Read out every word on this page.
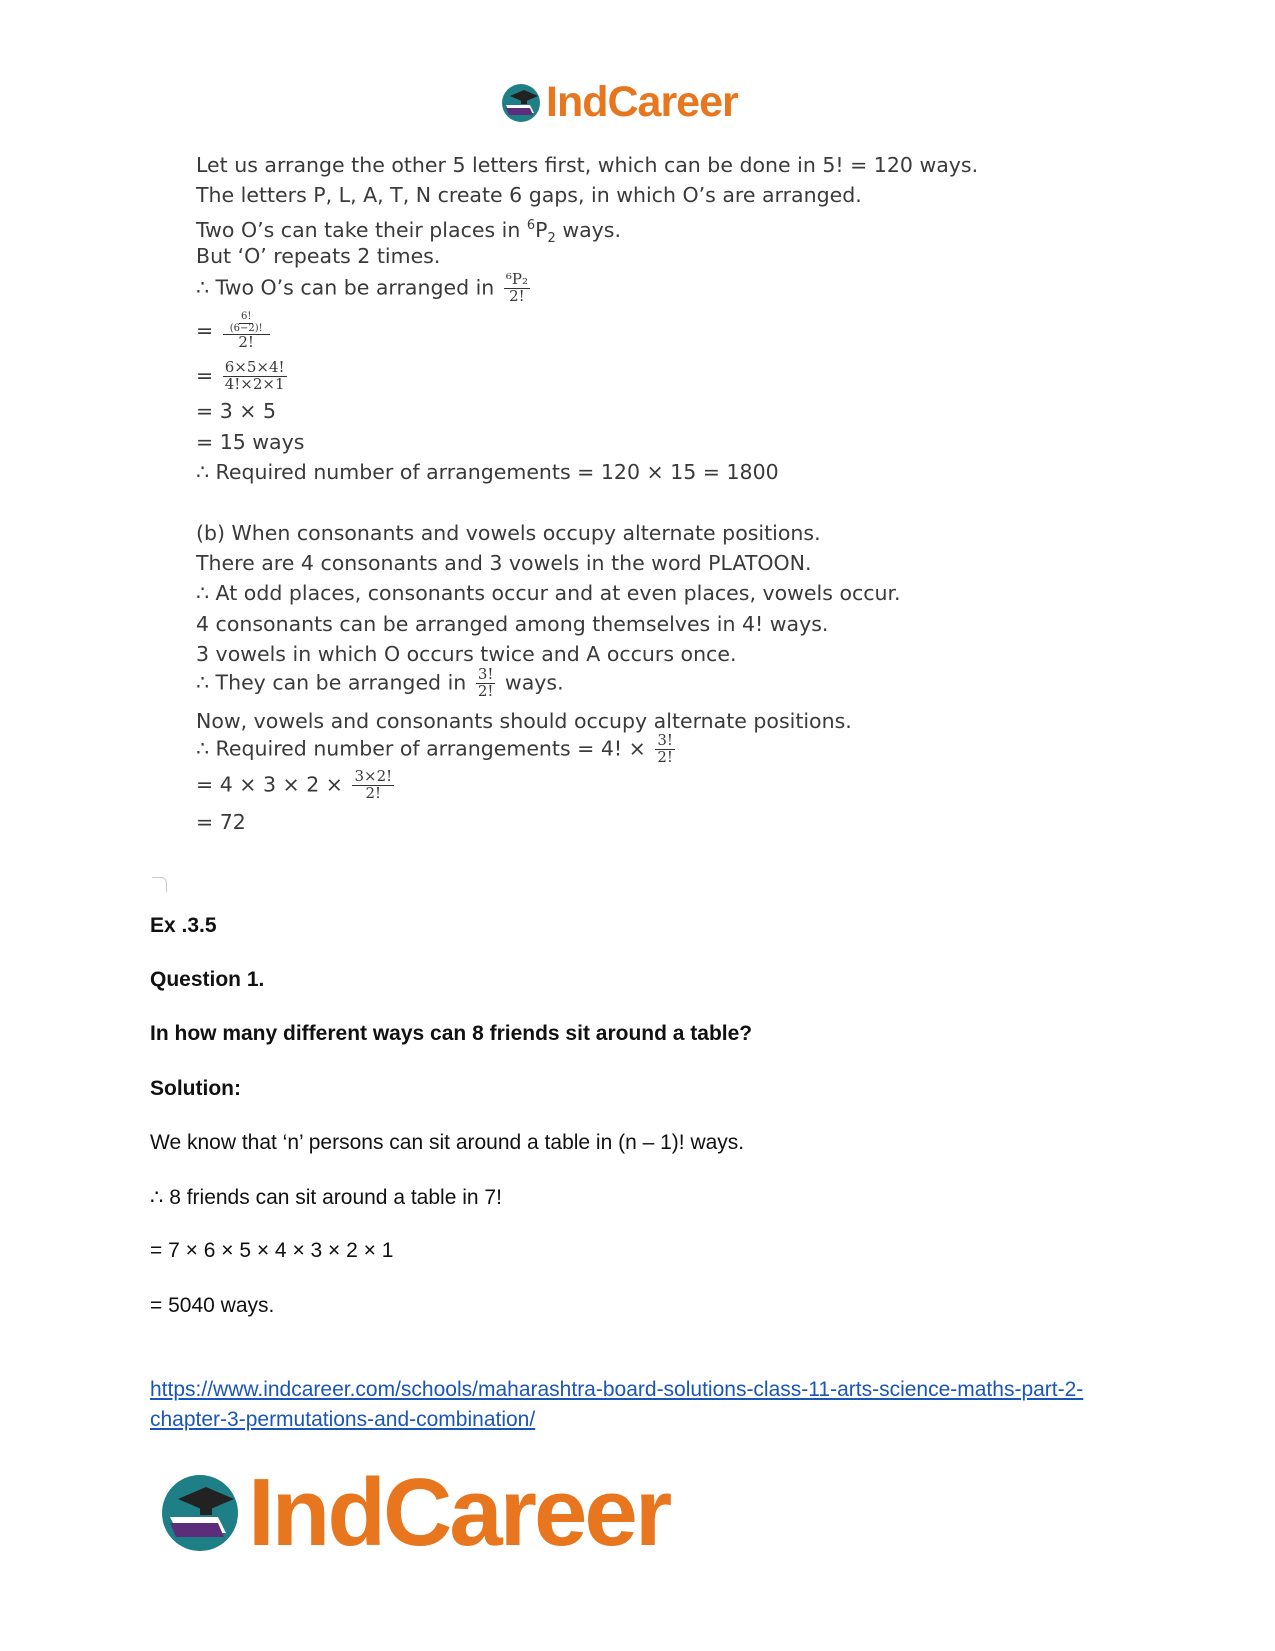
IndCareer
Let us arrange the other 5 letters first, which can be done in 5! = 120 ways.
The letters P, L, A, T, N create 6 gaps, in which O’s are arranged.
Two O’s can take their places in $^6P_2$ ways.
But ‘O’ repeats 2 times.
∴ Two O’s can be arranged in $\frac{\text{⁶P₂}}{2!}$
= $\frac{\frac{6!}{(6-2)!}}{2!}$
= $\frac{6\times 5\times 4!}{4!\times 2\times 1}$
= 3 × 5
= 15 ways
∴ Required number of arrangements = 120 × 15 = 1800
(b) When consonants and vowels occupy alternate positions.
There are 4 consonants and 3 vowels in the word PLATOON.
∴ At odd places, consonants occur and at even places, vowels occur.
4 consonants can be arranged among themselves in 4! ways.
3 vowels in which O occurs twice and A occurs once.
∴ They can be arranged in $\frac{3!}{2!}$ ways.
Now, vowels and consonants should occupy alternate positions.
∴ Required number of arrangements = 4! × $\frac{3!}{2!}$
= $4 \times 3 \times 2 \times \frac{3\times 2!}{2!}$
= 72
Ex .3.5
Question 1.
In how many different ways can 8 friends sit around a table?
Solution:
We know that ‘n’ persons can sit around a table in (n – 1)! ways.
∴ 8 friends can sit around a table in 7!
= 7 × 6 × 5 × 4 × 3 × 2 × 1
= 5040 ways.
https://www.indcareer.com/schools/maharashtra-board-solutions-class-11-arts-science-maths-part-2-chapter-3-permutations-and-combination/
IndCareer
